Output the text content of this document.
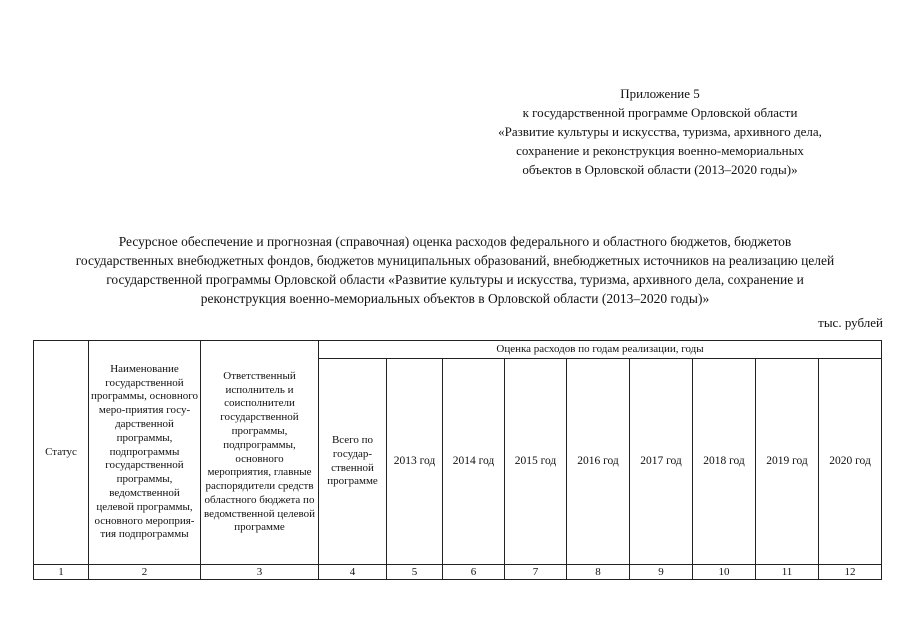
Приложение 5
к государственной программе Орловской области
«Развитие культуры и искусства, туризма, архивного дела,
сохранение и реконструкция военно-мемориальных
объектов в Орловской области (2013–2020 годы)»
Ресурсное обеспечение и прогнозная (справочная) оценка расходов федерального и областного бюджетов, бюджетов
государственных внебюджетных фондов, бюджетов муниципальных образований, внебюджетных источников на реализацию целей
государственной программы Орловской области «Развитие культуры и искусства, туризма, архивного дела, сохранение и
реконструкция военно-мемориальных объектов в Орловской области (2013–2020 годы)»
тыс. рублей
Статус	Наименование государственной программы, основного меро-приятия госу-дарственной программы, подпрограммы государственной программы, ведомственной целевой программы, основного мероприя-тия подпрограммы	Ответственный исполнитель и соисполнители государственной программы, подпрограммы, основного мероприятия, главные распорядители средств областного бюджета по ведомственной целевой программе	Оценка расходов по годам реализации, годы								
			Всего по государ-ственной программе	2013 год	2014 год	2015 год	2016 год	2017 год	2018 год	2019 год	2020 год
1	2	3	4	5	6	7	8	9	10	11	12
